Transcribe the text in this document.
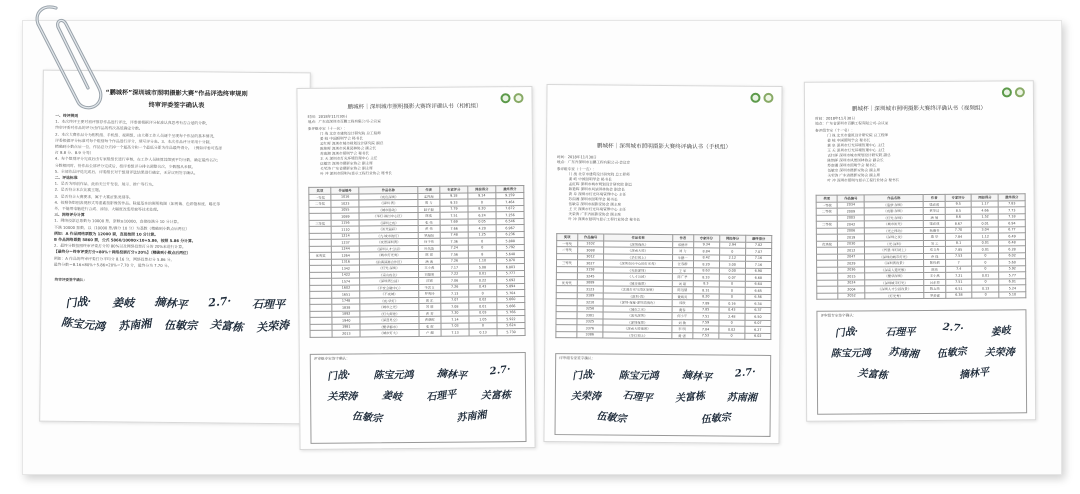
“鹏城杯”深圳城市照明摄影大赛”作品评选终审规则
终审评委签字确认表
一、终评规则
1、本次终评主要对初评推荐作品进行评比，评委需根据评分标准认真思考有否合适的分数，
终审评委对作品的评分由作品的档次高低确定分数。
2、本次大赛作品分为相机组、手机组、视频组，由大赛工作人员逐个呈现每个作品的基本情况，
评委根据评分标准对每个组别每个作品进行评分，填写评分表。3、本次作品评分采用十分制，
精确到小数点后一位，作品总分去掉一个最高分和一个最低分即为作品最终得分。（例如评委可选择
打 8.8 分、8.9 分等）
4、每个组别评分完成后由专家组组长进行审核，在工作人员核算其组别平均分数，确定最终名次；
分数相同时，待作品全部评分完成后，按评委组评分排名调整名次，少数服从多数。
5、全部作品评选完成后，评委组长对于组别评选结果进行确定，无异议则签字确认。
二、评选标准
1、是否为原创作品，此前无公开发表、展示、推广等行为。
2、是否符合本次比赛主题。
3、是否符合大赛要求，属于大赛征集类别等。
4、按照各组别表现形式等要素按影像的作品。除最基本的照明构图（如剪裁、色彩饱和度、曝光等
外，不能用电脑进行合成、添加、大幅度改变原貌等技术处理。
三、网络评分计算
1、网络投票总票数为 10000 票，票数≥10000，直接按满分 10 分计算。
不满 10000 票数，以（10000 票/满分 10 分）为基数（精确到小数点后两位）
例如：A 作品网络票数为 12000 票，直接按照 10 分计算。
B 作品网络票数 5860 票，公式 5860/10000×10=5.86，按照 5.86 分计算。
2、最终分数按照终审评委打分的 80%以及网络投票打分的 20%来进行计算。
【最终分＝终审评委打分×80%＋网络投票打分×20%】（精确到小数点后两位）
例如：A 作品的终审评委打分平均分 8.16 分，网络投票打分 5.86 分，
最终分数＝8.16×80%＋5.86×20%＝7.70 分，最终分为 7.70 分。
终审评委签字确认：
门战· 姜岐 摘林平 2.7· 石理平
陈宝元鸿 苏南湘 伍敏宗 关富栋 关荣涛
鹏城杯｜深圳城市照明摄影大赛终评确认书（相机组）
时间：2018年11月30日
地点：广东省深圳市百鹏工程有限公司-会议室
参评组专家（十一名）：
门 战 北京市建筑设计研究院 总工程师
姜 岐 中国照明学会 秘书长
孟红晖 深圳市城市规划设计研究院 副总
陈艳晖 深圳市风景园林协会 副会长
苏南湘 深圳市照明学会 秘书长
王 天 深圳市灯光环境管理中心 主任
伍敏宗 深圳市摄影家协会 副主席
关荣涛 广东省摄影家协会 副主席
叶 冲 深圳市照明与显示工程行业协会 秘书长
奖项	作品编号	作品名称	作者	专家评分	网投得分	最终得分
一等奖	1016	《夜色深圳》	孟四海	9.18	9.14	9.159
二等奖	1023	《深圳·湾》	周 力	9.33	0	7.464
	1055	《城市脉动》	赵子毅	7.79	8.20	7.872
	1089	《华灯·福田中心区》	陈奕	7.51	6.24	7.256
三等奖	1156	《深圳之夜》	张 伟	7.69	0.05	6.546
	1110	《流光溢彩》	黄 伟	7.66	4.20	6.967
	1214	《九·城市的灯》	罗海阳	7.48	1.25	6.236
	1237	《夜景深圳湾》	何子伟	7.36	0	5.888
	1244	《深圳人才公园》	叶凤英	7.24	0	5.792
优秀奖	1264	《城市灯光秀》	陈 建	7.56	8	5.648
	1316	《前海深港合作区》	潘 海	7.26	1.10	5.870
	1342	《灯光·深圳》	王小燕	7.17	5.08	6.803
	1422	《南山夜色》	刘楚明	7.22	0.01	5.777
	1574	《深圳湾公园》	沈锡	7.06	0.22	5.692
	1602	《平安金融中心》	李若文	7.26	0.43	5.894
	1651	《不夜城》	罗秀玲	7.13	0	5.704
	1748	《夜·华灯》	周 乐	7.07	0.02	5.660
	1838	《城市之光》	苏 丽	7.08	0.01	5.666
	1892	《灯火辉煌》	黄 芳	7.20	0.03	5.766
	1940	《深蓝星空》	黄晓晖	7.14	1.05	5.922
	1981	《繁华都市》	张 辉	7.03	0	5.624
	2013	《城市灯火》	卢 超	7.13	0.13	5.730
评审组专家签字确认：
门战· 陈宝元鸿 摘林平 2.7·
关荣涛 姜岐 石理平 关富栋
伍敏宗	苏南湘
鹏城杯｜深圳城市照明摄影大赛终评确认书（手机组）
时间：2018年11月30日
地点：广东省深圳市百鹏工程有限公司-会议室
参评组专家（十一名）：
门 战 北京市建筑设计研究院 总工程师
姜 岐 中国照明学会 秘书长
孟红晖 深圳市城市规划设计研究院 副总
陈艳晖 深圳市风景园林协会 副会长
黄 阜 深圳市灯光环境管理中心 主任
苏南湘 深圳市照明学会 秘书长
伍敏宗 深圳市摄影家协会 副主席
王 天 深圳市灯光环境管理中心 主任
关荣涛 广东省摄影家协会 副主席
叶 冲 深圳市照明与显示工程行业协会 秘书长
奖项	作品编号	作品名称	作者	专家评分	网投得分	最终得分
一等奖	3102	《深圳夜色》	郑德华	9.34	2.94	7.82
二等奖	3088	《深南大道》	刘 力	8.84	0	7.07
	3012	《华灯初上》	牛鹏一	8.42	2.12	7.16
三等奖	3027	《深圳市民中心的灯光秀》	汪春群	8.20	3.00	7.16
	3158	《光影深圳》	王 军	8.63	0.00	6.90
	3245	《人才公园》	陈广孝	8.33	0.07	6.68
优秀奖	3089	《城市夜景》	刘 超	8.3	0	6.64
	3123	《北面灯光与湾区发展》	陈远慧	8.31	0	6.65
	3189	《深圳·湾》	黄炳炎	8.20	0	6.56
	3210	《深圳·夜幕·深圳湾夜色》	郑欣	7.89	0.16	6.34
	3256	《城市之光》	黄春	7.85	0.43	6.37
	3301	《流光深圳》	何小平	7.51	2.48	6.50
	3325	《深圳夜景》	刘 敏	7.59	0	6.07
	3376	《深南大道夜景》	李 明	7.84	0.02	6.27
	3386	《华灯初上》	黄 强	7.53	0	6.02
评审组专家签字确认：
门战· 陈宝元鸿 摘林平 2.7·
关荣涛 石理平 关富栋 苏南湘
伍敏宗	伍敏宗
鹏城杯｜深圳城市照明摄影大赛终评确认书（视频组）
时间：2018年11月30日
地点：广东省深圳市百鹏工程有限公司-会议室
参评组专家（十一名）：
门 战 北京市建筑设计研究院 总工程师
姜 岐 中国照明学会 秘书长
黄 阜 深圳市灯光环境管理中心 主任
王 天 深圳市灯光环境管理中心 主任
孟红晖 深圳市城市规划设计研究院 副总
陈艳晖 深圳市风景园林协会 副会长
苏南湘 深圳市照明学会 秘书长
伍敏宗 深圳市摄影家协会 副主席
关荣涛 广东省摄影家协会 副主席
叶 冲 深圳市照明与显示工程行业协会 秘书长
奖项	作品编号	作品名称	作者	专家评分	网投得分	最终得分
一等奖	2034	《追梦·深圳》	梁必成	9.5	1.17	7.83
二等奖	2009	《夜影·深圳》	黄华清	8.5	4.66	7.73
	2003	《灯光·深圳》	潘 展	8.6	1.52	7.18
三等奖	2042	《城市流光》	梁必成	8.67	0.01	6.94
	2006	《光之律动》	杨德书	7.70	3.04	6.77
	2019	《深圳之夜》	康 华	7.84	1.12	6.49
优秀奖	2030	《光·深圳》	刘 云	8.1	0.01	6.48
	2012	《智慧·华灯初上》	邓文舟	7.85	0.01	6.28
	2047	《深圳的城市灯光》	乔 保	7.53	0	6.02
	2029	《深圳湾夜景》	陈伟炳	7	0	5.60
	2036	《深南大道光影》	陈伟	7.4	0	5.92
	2015	《繁华深圳》	王小燕	7.21	0.01	5.77
	2024	《深圳城市灯光》	吕东春	7.51	0	6.01
	2004	《深圳人才公园夜景》	陈志伟	6.51	0.13	5.24
	2052	《灯光秀》	罗梦霖	6.38	0	5.10
评审组专家签字确认：
门战·	石理平	2.7·	姜岐
陈宝元鸿 苏南湘 伍敏宗 关荣涛
关富栋	摘林平
